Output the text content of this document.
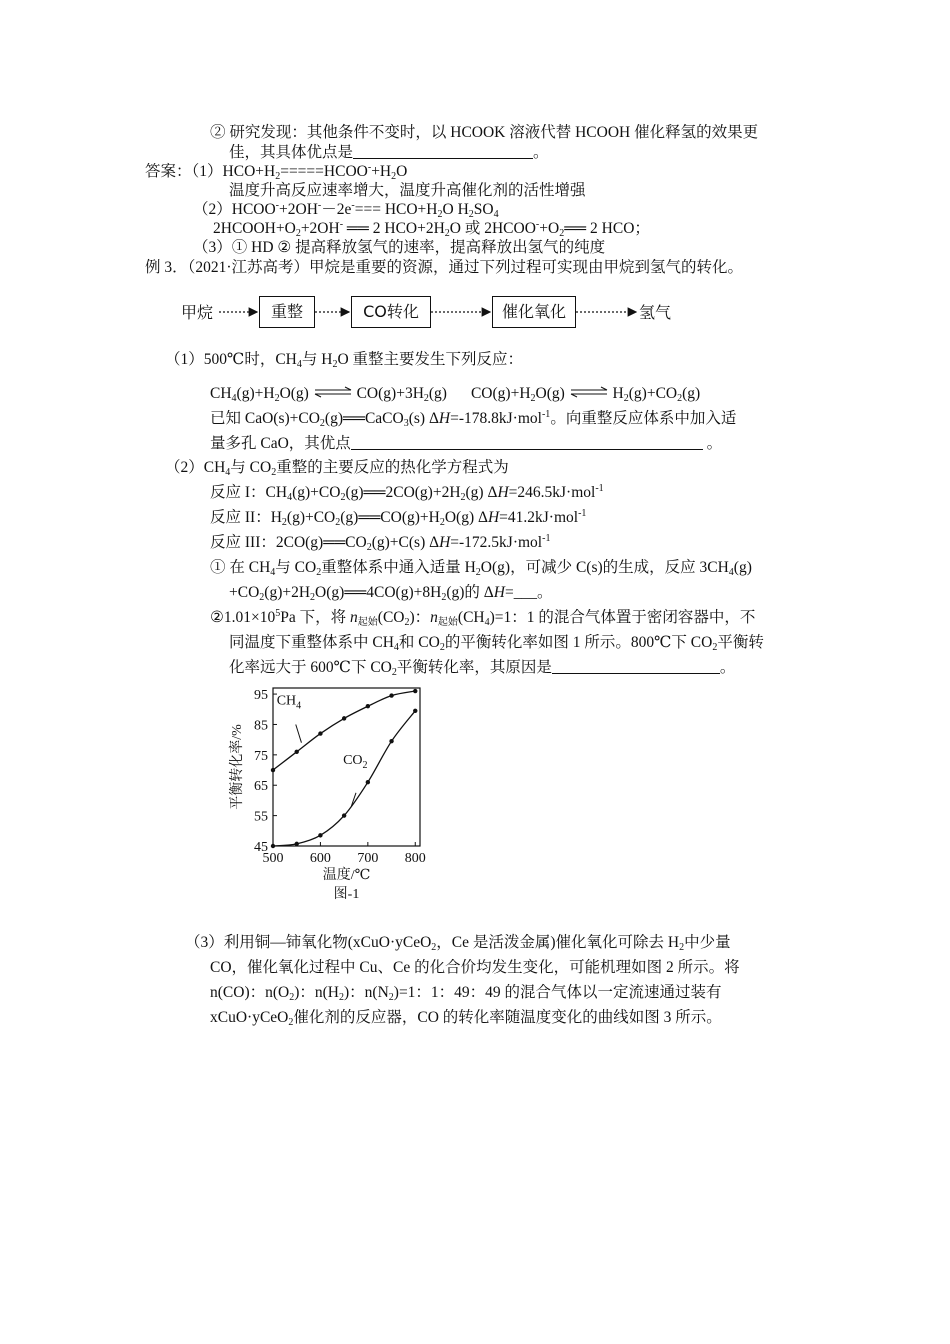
② 研究发现：其他条件不变时，以 HCOOK 溶液代替 HCOOH 催化释氢的效果更
佳，其具体优点是	。
答案：$(1)HCO+H_2=====HCOO^-+H_2O$
温度升高反应速率增大，温度升高催化剂的活性增强
（2）HCOO-+2OH-－2e-=== $HCO+H_2O$ $H_2SO_4$
$2HCOOH+O_2+2OH^-$ ══ 2 $HCO+2H_2O$ 或 $2HCOO^-+O_2══$ 2 HCO；
（3）① HD ② 提高释放氢气的速率，提高释放出氢气的纯度
例 3．（2021·江苏高考）甲烷是重要的资源，通过下列过程可实现由甲烷到氢气的转化。
甲烷	重整	CO转化	催化氧化	氢气
（1）500℃时，$CH_4$与 $H_2O$ 重整主要发生下列反应：
$CH_4(g)+H_2O(g)$ ⇌ $CO(g)+3H_2(g)$ $CO(g)+H_2O(g)$ ⇌ $H_2(g)+CO_2(g)$
已知 $CaO(s)+CO_2(g)══CaCO_3(s)$ ΔH=-178.8kJ·mol$^{-1}$。向重整反应体系中加入适
量多孔 CaO，其优点	。
$(2)CH_4$与 $CO_2$重整的主要反应的热化学方程式为
反应 I：$CH_4(g)+CO_2(g)══2CO(g)+2H_2(g)$ ΔH=246.5kJ·mol$^{-1}$
反应 II：$H_2(g)+CO_2(g)══CO(g)+H_2O(g)$ ΔH=41.2kJ·mol$^{-1}$
反应 III：$2CO(g)══CO_2(g)+C(s)$ ΔH=-172.5kJ·mol$^{-1}$
① 在 $CH_4$与 $CO_2$重整体系中通入适量 $H_2O(g)$，可减少 C(s)的生成，反应 $3CH_4(g)$
$+CO_2(g)+2H_2O(g)══4CO(g)+8H_2(g)$的 ΔH=___。
$②1.01\times 10^5Pa$ 下，将 $n_{起始}(CO_2)$：$n_{起始}(CH_4)=1$：1 的混合气体置于密闭容器中，不
同温度下重整体系中 $CH_4$和 $CO_2$的平衡转化率如图 1 所示。800℃下 $CO_2$平衡转
化率远大于 600℃下 $CO_2$平衡转化率，其原因是	。
500 600 700 800
45
55
65
75
85
95
温度/℃
图-1
平衡转化率/%
$CH_4$
$CO_2$
（3）利用铜—铈氧化物(xCuO·yCeO$_2$，Ce 是活泼金属)催化氧化可除去 $H_2$中少量
CO，催化氧化过程中 Cu、Ce 的化合价均发生变化，可能机理如图 2 所示。将
n(CO)：$n(O_2)$：$n(H_2)$：$n(N_2)=1$：1：49：49 的混合气体以一定流速通过装有
xCuO·yCeO$_2$催化剂的反应器，CO 的转化率随温度变化的曲线如图 3 所示。
